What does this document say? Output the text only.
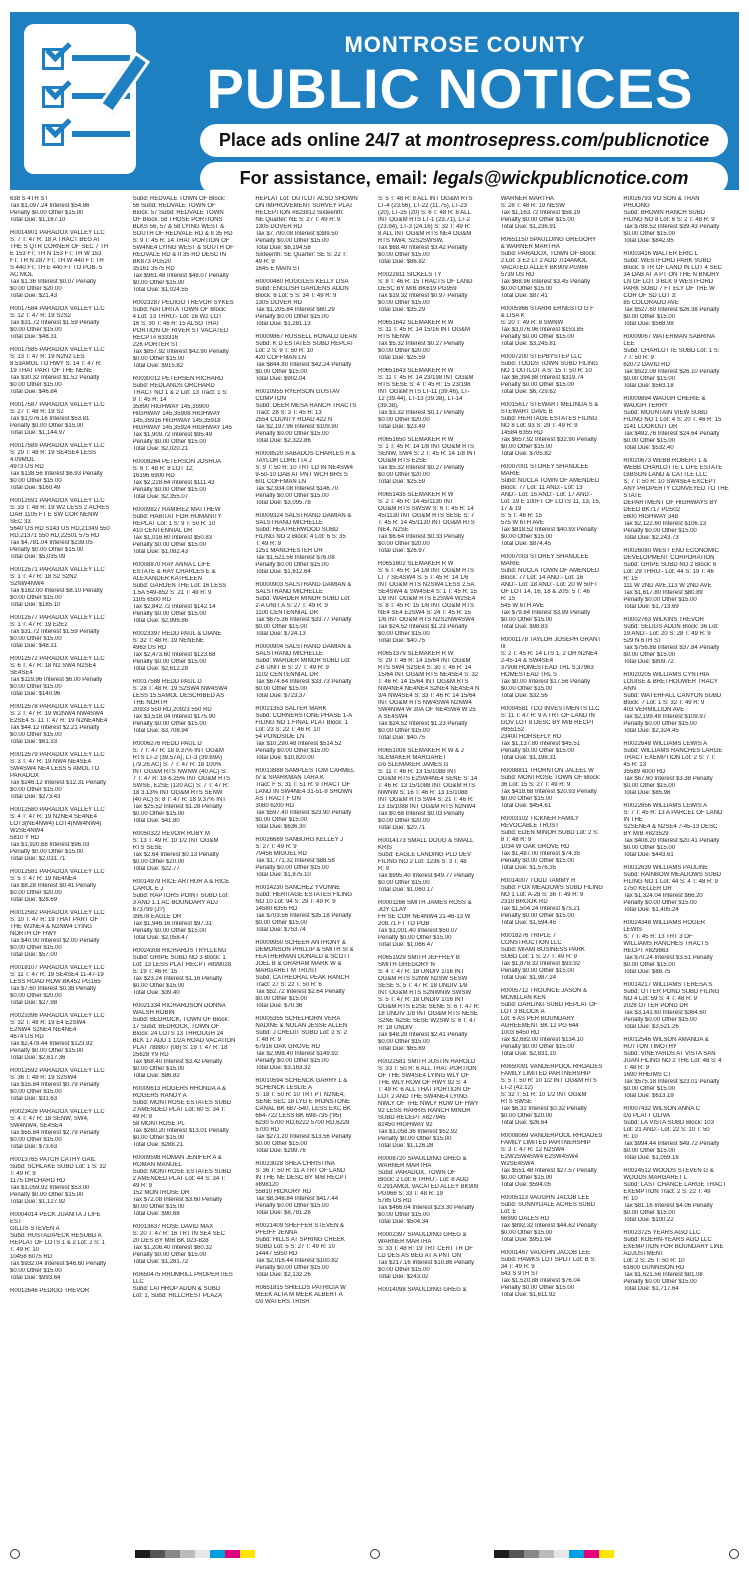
MONTROSE COUNTY
PUBLIC NOTICES
Place ads online 24/7 at montrosepress.com/publicnotice
For assistance, email: legals@wickpublicnotice.com
638 S 4TH ST
Tax $1,097.24 Interest $54.86
Penalty $0.00 Other $15.00
Total Due: $1,167.10
R0014901 PARADOX VALLEY LLC
S: 7 T: 47 R: 18 A TRACT BEG AT
THE S QTR CORNER OF SEC 7 TH
E 153 FT; TH N 153 FT; TH W 153
FT; TH N 287 FT; TH W 440 FT; TH
S 440 FT; TH E 440 FT TO POB. 5
AC MOL
Tax $1.36 Interest $0.07 Penalty
$0.00 Other $20.00
Total Due: $21.43
R0017584 PARADOX VALLEY LLC
S: 12 T: 47 R: 19 S2S2
Tax $31.72 Interest $1.59 Penalty
$0.00 Other $15.00
Total Due: $48.31
R0017585 PARADOX VALLEY LLC
S: 13 T: 47 R: 19 N2N2 LES
8.53AMOL TO HWY S: 14 T: 47 R:
19 THAT PART OF THE NENE
Tax $30.32 Interest $1.52 Penalty
$0.00 Other $15.00
Total Due: $46.84
R0017587 PARADOX VALLEY LLC
S: 27 T: 48 R: 19 S2
Tax $1,076.16 Interest $53.81
Penalty $0.00 Other $15.00
Total Due: $1,144.97
R0017589 PARADOX VALLEY LLC
S: 29 T: 48 R: 19 SE4SE4 LESS
4.09MOL
4973 US RD
Tax $138.56 Interest $6.93 Penalty
$0.00 Other $15.00
Total Due: $160.49
R0012591 PARADOX VALLEY LLC
S: 33 T: 48 R: 19 W2 LESS 2 ACRES
DAR 1105 FT E SW COR NENW
SEC 33
5640 US RD S143 US RD,21349 550
RD,21371 550 RD,22501 575 RD
Tax $4,781.04 Interest $239.05
Penalty $0.00 Other $15.00
Total Due: $5,035.09
R0012571 PARADOX VALLEY LLC
S: 1 T: 47 R: 18 S2 S2N2
S2NW4NW4
Tax $162.00 Interest $8.10 Penalty
$0.00 Other $15.00
Total Due: $185.10
R0012577 PARADOX VALLEY LLC
S: 1 T: 47 R: 19 E2E2
Tax $31.72 Interest $1.59 Penalty
$0.00 Other $15.00
Total Due: $48.31
R0012572 PARADOX VALLEY LLC
S: 6 T: 47 R: 18 N2 SW4 N2SE4
SE4SE4
Tax $119.96 Interest $6.00 Penalty
$0.00 Other $15.00
Total Due: $140.96
R0012578 PARADOX VALLEY LLC
S: 2 T: 47 R: 19 W2NW4 NW4SW4
E2SE4 S: 11 T: 47 R: 19 N2NE4NE4
Tax $44.12 Interest $2.21 Penalty
$0.00 Other $15.00
Total Due: $61.33
R0012579 PARADOX VALLEY LLC
S: 3 T: 47 R: 19 NW4 NE4SE4
SW4SW4 NE4 LESS 5 AMOL TO
PARADOX
Tax $246.12 Interest $12.31 Penalty
$0.00 Other $15.00
Total Due: $273.43
R0012580 PARADOX VALLEY LLC
S: 4 T: 47 R: 19 N2NE4 SE4NE4
LOT3(NE4NW4) LOT4(NW4NW4)
W2SE4NW4
5810 Y RD
Tax $1,920.68 Interest $96.03
Penalty $0.00 Other $15.00
Total Due: $2,031.71
R0012581 PARADOX VALLEY LLC
S: 5 T: 47 R: 19 NE4NE4
Tax $8.28 Interest $0.41 Penalty
$0.00 Other $20.00
Total Due: $28.69
R0012582 PARADOX VALLEY LLC
S: 10 T: 47 R: 19 THAT PART OF
THE W2NE4 & N2NW4 LYING
NORTH OF HWY
Tax $40.00 Interest $2.00 Penalty
$0.00 Other $15.00
Total Due: $57.00
R0018107 PARADOX VALLEY LLC
S: 11 T: 47 R: 19 SE4SE4 11-47-19
LESS ROAD ROW BK452 PG165
Tax $7.60 Interest $0.38 Penalty
$0.00 Other $20.00
Total Due: $27.98
R0023396 PARADOX VALLEY LLC
S: 32 T: 48 R: 19 E4 E2SW4
E2NW4 S2NE4 NE4NE4
4674 US RD
Tax $2,478.44 Interest $123.92
Penalty $0.00 Other $15.00
Total Due: $2,617.36
R0012592 PARADOX VALLEY LLC
S: 36 T: 48 R: 19 S2SW4
Tax $15.84 Interest $0.79 Penalty
$0.00 Other $15.00
Total Due: $31.63
R0023428 PARADOX VALLEY LLC
S: 4 T: 47 R: 18 SENW, SW4,
SW4NW4, SE4SE4
Tax $55.84 Interest $2.79 Penalty
$0.00 Other $15.00
Total Due: $73.63
R0013765 PATCH CATHY GAIL
Subd: SCHLAKE SUBD Lot: 1 S: 32
T: 49 R: 9
1175 ORCHARD RD
Tax $1,059.92 Interest $53.00
Penalty $0.00 Other $15.00
Total Due: $1,127.92
R0004014 PECK JUANITA J LIFE
EST
GILLIS STEVEN A
Subd: HUSTAD/PECK RESUBD A
REPLAT OF LOTS 1 & 2 Lot: 2 S: 1
T: 49 R: 10
10458 6075 RD
Tax $932.04 Interest $46.60 Penalty
$0.00 Other $15.00
Total Due: $993.64
R0012646 PEDIGO TREVOR
Subd: REDVALE TOWN OF Block:
56 Subd: REDVALE TOWN OF
Block: 57 Subd: REDVALE TOWN
OF Block: 58 THOSE PORTIONS
BLKS 56, 57 & 58 LYING WEST &
SOUTH OF REDVALE RD & II 35 RD
S: 9 T: 45 R: 14 THAT PORTION OF
SW4NE4 LYING WEST & SOUTH OF
REDVALE RD & II 35 RD DESC IN
BK873 PG520
35161 3575 RD
Tax $961.48 Interest $48.07 Penalty
$0.00 Other $15.00
Total Due: $1,024.55
R0023287 PEDIGO TREVOR SYKES
Subd: NATURITA TOWN OF Block:
4 Lot: 13 THRU:- Lot: 16 W2 LOT
16 S: 30 T: 46 R: 15 ALSO THAT
PORTION OF RIVER ST VACATED
RECPT# 633316
226 PORTER ST
Tax $857.92 Interest $42.90 Penalty
$0.00 Other $15.00
Total Due: $915.82
R0030012 PETERSEN RICHARD
Subd: REDLANDS ORCHARD
TRACT NO 1 & 2 Lot: 13 Tract: 1 S:
9 T: 45 R: 14
35890 HIGHWAY 145,35900
HIGHWAY 145,35908 HIGHWAY
145,35916 HIGHWAY 145,35918
HIGHWAY 145,35924 HIGHWAY 145
Tax $1,909.72 Interest $95.49
Penalty $0.00 Other $15.00
Total Due: $2,020.21
R0008264 PETERSON JOSHUA
S: 6 T: 48 R: 8 LOT 12;
16196 6900 RD
Tax $2,228.64 Interest $111.43
Penalty $0.00 Other $15.00
Total Due: $2,355.07
R0009827 RAMIREZ MATTHEW
Subd: HABITAT FOR HUMANITY
REPLAT Lot: 1 S: 9 T: 50 R: 10
410 CENTENNIAL DR
Tax $1,016.60 Interest $50.83
Penalty $0.00 Other $15.00
Total Due: $1,082.43
R0008870 RAY ANNA L LIFE
ESTATE & RAY CHARLES E &
ALEXANDER KATHLEEN
Subd: GARDEN THE Lot: 16 LESS
1.5A 549-852 S: 21 T: 49 R: 9
1105 6500 RD
Tax $2,842.72 Interest $142.14
Penalty $0.00 Other $15.00
Total Due: $2,999.86
R0023397 REDD PAUL & DIANE
S: 32 T: 48 R: 19 NENENE
4963 US RD
Tax $2,473.60 Interest $123.68
Penalty $0.00 Other $15.00
Total Due: $2,612.28
R0017588 REDD PAUL D
S: 28 T: 48 R: 19 S2SW4 NW4SW4
LESS 15.5AMOL DESCRIBED AS
THE NORTH
20933 550 RD,20923 550 RD
Tax $3,518.04 Interest $175.90
Penalty $0.00 Other $15.00
Total Due: $3,708.94
R0006276 REDD PAUL D
S: 7 T: 47 R: 18 9.37% INT OG&M
RTS LT-2 (39.57A), LT-3 (39.69A)
(79.26 AC) S: 7 T: 47 R: 18 100%
INT OG&M RTS NWNW (40 AC) S:
7 T: 47 R: 18 6.25% INT OG&M RTS
SWSE, E2SE (120 AC) S: 7 T: 47 R:
18 3.13% INT OG&M RTS SENW
(40 AC) S: 8 T: 47 R: 18 9.37% INT
Tax $25.52 Interest $1.28 Penalty
$0.00 Other $15.00
Total Due: $41.80
R0050322 REVOIR RUBY M
S: 13 T: 49 R: 10 1/2 INT OG&M
RTS SESE
Tax $2.64 Interest $0.13 Penalty
$0.00 Other $20.00
Total Due: $22.77
R0014979 RICE ARTHUR A & RICE
CAROL E J
Subd: RAPTORS POINT SUBD Lot:
3 AND 1.1 AC BOUNDARY ADJ
673799 (J?)
39678 EAGLE DR
Tax $1,946.16 Interest $97.31
Penalty $0.00 Other $15.00
Total Due: $2,058.47
R0024308 RICHARDS TRYLLENG
Subd: GRIPE SUBD NO 3 Block: 1
Lot: 13 LESS PLAT RECPT #899028
S: 19 T: 46 R: 15
Tax $23.24 Interest $1.16 Penalty
$0.00 Other $15.00
Total Due: $39.40
R0021334 RICHARDSON DONNA
WALSH ROBIN
Subd: BEDROCK, TOWN OF Block:
17 Subd: BEDROCK, TOWN OF
Block: 24 LOTS 13 THROUGH 24
BLK 17 ADD 1 1/2A ROAD VACATION
PLAT 788807 (08) S: 19 T: 47 R: 18
25628 Y9 RD
Tax $68.40 Interest $3.42 Penalty
$0.00 Other $15.00
Total Due: $86.82
R0009613 ROGERS RHONDA A &
ROGERS RANDY A
Subd: MONTROSE ESTATES SUBD
2 AMENDED PLAT Lot: 60 S: 34 T:
49 R: 9
58 MONTROSE PL
Tax $260.20 Interest $13.01 Penalty
$0.00 Other $15.00
Total Due: $288.21
R0009598 ROMAN JENIFER A &
ROMAN MANUEL
Subd: MONTROSE ESTATES SUBD
2 AMENDED PLAT Lot: 44 S: 34 T:
49 R: 9
152 MONTROSE DR
Tax $72.08 Interest $3.60 Penalty
$0.00 Other $15.00
Total Due: $90.68
R0013637 ROSE DAVID MAX
S: 20 T: 47 R: 16 TRT IN SE4 SEC
20 DES BY M/B BK 923-828
Tax $1,206.40 Interest $60.32
Penalty $0.00 Other $15.00
Total Due: $1,281.72
R0650475 RRUMRILL PROPERTIES
LLC
Subd: LATHROP ADDN & SUBD
Lot: 1, Subd: HILLCREST PLAZA
REPLAT Lot: OUTLOT ALSO SHOWN
ON IMPROVEMENT SURVEY PLAT
RECEPTION #823812 Sixteenth:
NE Quarter: NE S: 27 T: 49 R: 9
1305 DOVER RD
Tax $7,790.08 Interest $389.50
Penalty $0.00 Other $15.00
Total Due: $8,194.58
Sixteenth: SE Quarter: SE S: 22 T:
49 R: 9
1645 E MAIN ST
R0000460 RUGGLES KELLY LISA
Subd: ENGLISH GARDENS ADDN
Block: 8 Lot: 5 S: 34 T: 49 R: 9
1305 DOVER RD
Tax $1,205.84 Interest $60.29
Penalty $0.00 Other $15.00
Total Due: $1,281.13
R0009867 RUSSELL RONALD DEAN
Subd: K D ESTATES SUBD REPLAT
Lot: 2 S: 9 T: 50 R: 10
420 COFFMAN LN
Tax $844.80 Interest $42.24 Penalty
$0.00 Other $15.00
Total Due: $902.04
R0010955 RYERSON GUSTAV
COMPTON
Subd: DEER MESA RANCH TRACTS
Tract: 28 S: 3 T: 45 R: 13
2554 COUNTY ROAD 422 N
Tax $2,197.96 Interest $109.90
Penalty $0.00 Other $15.00
Total Due: $2,322.86
R0008520 SABADOS CHARLES R &
TAYLOR LORETTA J
S: 9 T: 50 R: 10 TRT LD IN NE4SW4
9-50-10 DAB AT PNT WCH BRS S
601 COFFMAN LN
Tax $2,934.08 Interest $146.70
Penalty $0.00 Other $15.00
Total Due: $3,095.78
R0009324 SALSTRAND DAMIAN &
SALSTRAND MICHELLE
Subd: HEATHERWOOD SUBD
FILING NO 2 Block: 4 Lot: 6 S: 35
T: 49 R: 9
1251 MANCHESTER DR
Tax $1,521.56 Interest $76.08
Penalty $0.00 Other $15.00
Total Due: $1,612.64
R0000903 SALSTRAND DAMIAN &
SALSTRAND MICHELLE
Subd: WARDER MINOR SUBD Lot:
2-A UNIT A S: 27 T: 49 R: 9
1100 CENTENNIAL DR
Tax $675.36 Interest $33.77 Penalty
$0.00 Other $15.00
Total Due: $724.13
R0000904 SALSTRAND DAMIAN &
SALSTRAND MICHELLE
Subd: WARDER MINOR SUBD Lot:
2-B UNIT B S: 27 T: 49 R: 9
1102 CENTENNIAL DR
Tax $674.64 Interest $33.73 Penalty
$0.00 Other $15.00
Total Due: $723.37
R0021353 SALTER MARK
Subd: CORNERSTONE PHASE 1-A
FILING NO 1 FINAL PLAT Block: 1
Lot: 23 S: 22 T: 46 R: 10
54 PONDSIDE LN
Tax $10,290.48 Interest $514.52
Penalty $0.00 Other $15.00
Total Due: $10,820.00
R0013888 SAMPLES TOM CARMEL
IV & SPARKMAN TARA K
Tract: F S: 31 T: 51 R: 9 TRACT OF
LAND IN SW4NE4 31-51-9 SHOWN
AS TRACT F ON
3080 6200 RD
Tax $597.40 Interest $23.90 Penalty
$0.00 Other $15.00
Total Due: $636.30
R0026689 SANBURG KELLEY J
S: 27 T: 49 R: 9
70456 MIGUEL RD
Tax $1,771.32 Interest $88.58
Penalty $0.00 Other $15.00
Total Due: $1,875.10
R0014230 SANCHEZ YVONNE
Subd: HERITAGE ESTATES FILING
NO 10 Lot: 94 S: 29 T: 49 R: 9
14580 6355 RD
Tax $703.56 Interest $35.18 Penalty
$0.00 Other $15.00
Total Due: $753.74
R0009950 SCHEER ANTHONY &
DEMONSON PHILLIP & SMITH SI &
FEATHERMAN DONALD & SCOTT
JOEL B & GRAHAM MARK W &
MARGARET M TRUST
Subd: CATHEDRAL PEAK RANCH
Tract: 27 S: 22 T: 50 R: 6
Tax $52.72 Interest $2.64 Penalty
$0.00 Other $15.00
Total Due: $70.36
R0005355 SCHELHORN VERA
NADINE & NOLAN JESSE ALLEN
Subd: J CREDIT SUBD Lot: 2 S: 2
T: 48 R: 9
67916 OAK GROVE RD
Tax $2,998.40 Interest $149.92
Penalty $0.00 Other $15.00
Total Due: $3,163.32
R0010594 SCHENCK GARRY L &
SCHENCK LESLIE A
S: 18 T: 50 R: 10 TRT PT N2NE4,
SENE SEC 18 LYG E IRONSTONE
CANAL BK 687-540, LESS EXC BK
664-722 LESS BK 698-735 ('95)
6230 5700 RD,6222 5700 RD,6228
5700 RD
Tax $271.20 Interest $13.56 Penalty
$0.00 Other $15.00
Total Due: $299.76
R0023028 SHEA CHRISTINA
S: 36 T: 50 R: 11 A TRT OF LAND
IN THE NE DESC BY M/B RECPT
#898120
55810 HICKORY RD
Tax $8,348.84 Interest $417.44
Penalty $0.00 Other $15.00
Total Due: $8,781.28
R0021409 SHEFFER STEVEN &
PFEIFF JENNA
Subd: HILLS AT SPRING CREEK
SUBD Lot: 5 S: 27 T: 49 R: 10
14447 5950 RD
Tax $2,016.44 Interest $100.82
Penalty $0.00 Other $15.00
Total Due: $2,132.26
R0651815 SHIELDS PATRICIA W
MEEK ALTA M MEEK ALBERT A
c/o WATERS TRISH
S: 5 T: 48 R: 8 ALL INT OG&M RTS
LT-4 (23.56), LT-22 (11.75), LT-23
(20), LT-25 (20) S: 6 T: 48 R: 8 ALL
INT OG&M RTS LT-1 (23.71), LT-2
(23.94), LT-3 (24.16) S: 32 T: 49 R:
8 ALL INT OG&M RTS NE4 OG&M
RTS NW4, S2S2SWSW,
Tax $68.40 Interest $3.42 Penalty
$0.00 Other $15.00
Total Due: $86.82
R0022811 SICKELS TY
S: 8 T: 46 R: 15 TRACTS OF LAND
DESC BY M/B BK619 PG959
Tax $19.32 Interest $0.97 Penalty
$0.00 Other $15.00
Total Due: $35.29
R0651642 SLEMAKER R W
S: 11 T: 45 R: 14 15/16 INT OG&M
RTS NENW
Tax $5.32 Interest $0.27 Penalty
$0.00 Other $20.00
Total Due: $25.59
R0651643 SLEMAKER R W
S: 11 T: 45 R: 14 23/198 INT OG&M
RTS SESE S: 4 T: 45 R: 15 23/198
INT OG&M RTS LT-11 (39.46), LT-
12 (39.44), LT-13 (39.38), LT-14
(39.38),
Tax $3.32 Interest $0.17 Penalty
$0.00 Other $20.00
Total Due: $23.49
R0651650 SLEMAKER R W
S: 1 T: 45 R: 14 1/8 INT OG&M RTS
SENW, SW4 S: 2 T: 45 R: 14 1/8 INT
OG&M RTS E2SE
Tax $5.32 Interest $0.27 Penalty
$0.00 Other $20.00
Total Due: $25.59
R0651435 SLEMAKER R W
S: 2 T: 45 R: 14 45/1130 INT
OG&M RTS SWSW S: 6 T: 45 R: 14
45/1130 INT OG&M RTS SESE S: 7
T: 45 R: 14 45/1130 INT OG&M RTS
NE4, N2SE
Tax $6.64 Interest $0.33 Penalty
$0.00 Other $20.00
Total Due: $26.97
R0651602 SLEMAKER R W
S: 6 T: 45 R: 14 1/8 INT OG&M RTS
LT 7 SE4SW4 S: 5 T: 45 R: 14 1/6
INT OG&M RTS N2SW4 LESS 2.5A
SE4SW4 & SW4SE4 S: 1 T: 45 R: 15
1/8 INT OG&M RTS E2SW4 W2SE4
S: 8 T: 45 R: 15 1/8 INT OG&M RTS
NE4 SE4 E2SW4 S: 24 T: 45 R: 15
1/6 INT OG&M RTS N2S2NW4SW4
Tax $24.52 Interest $1.23 Penalty
$0.00 Other $15.00
Total Due: $40.75
R0651379 SLEMAKER R W
S: 29 T: 46 R: 14 15/64 INT OG&M
RTS SW4 S2SE4 S: 30 T: 46 R: 14
15/64 INT OG&M RTS NE4SE4 S: 32
T: 46 R: 14 15/64 INT OG&M RTS
NW4NE4 NE4NE4 S2NE4 NE4SE4 N
3/4 NW4SE4 S: 33 T: 46 R: 14 15/64
INT OG&M RTS NW4SW4 N2NW4
SW4NW4 W 30A OF NE4SW4 W 25
A SE4SW4
Tax $24.52 Interest $1.23 Penalty
$0.00 Other $15.00
Total Due: $40.75
R0651008 SLEMAKER R W & J
SLEMAKER MARGARET
c/o SLEMAKER JAMES G
S: 11 T: 46 R: 13 15/1088 INT
OG&M RTS E2SW4NE4 SENE S: 14
T: 46 R: 13 15/1088 INT OG&M RTS
NWNW S: 16 T: 46 R: 13 15/1088
INT OG&M RTS SW4 S: 21 T: 46 R:
13 15/1088 INT OG&M RTS N2NW4
Tax $0.68 Interest $0.03 Penalty
$0.00 Other $20.00
Total Due: $20.71
R0014173 SMALL DOUG & SMALL
KRIS
Subd: EAGLE LANDING PLD DEV
FILING NO 2 Lot: 1236 S: 3 T: 48
R: 9
Tax $995.40 Interest $49.77 Penalty
$0.00 Other $15.00
Total Due: $1,060.17
R0001166 SMITH JAMES ROSS &
JOY CLAY
FR SE COR NE4NW4 21-46-13 W
208.71 FT TO POB
Tax $1,001.40 Interest $50.07
Penalty $0.00 Other $15.00
Total Due: $1,066.47
R0651929 SMITH JEFFREY B
SMITH GREGORY N
S: 4 T: 47 R: 18 UNDIV 1/16 INT
OG&M RTS S2NW N2SW SESW
SESE S: 5 T: 47 R: 18 UNDIV 1/8
INT OG&M RTS S2NWNW SWSW
S: 5 T: 47 R: 18 UNDIV 1/16 INT
OG&M RTS E2SE SENE S: 6 T: 47 R:
18 UNDIV 1/8 INT OG&M RTS NESE
S2NE N2SE SESE W2SW S: 6 T: 47
R: 18 UNDIV
Tax $48.28 Interest $2.41 Penalty
$0.00 Other $15.00
Total Due: $65.69
R0022581 SMITH JUSTIN HAROLD
S: 33 T: 50 R: 6 ALL THAT PORTION
OF THE SW4SE4 LYING WLY OF
THE WLY ROW OF HWY 92 S: 4
T: 49 R: 6 ALL THAT PORTION OF
LOT 2 AND THE SW4NE4 LYING
NWLY OF THE NWLY ROW OF HWY
92 LESS HARRIS RANCH MINOR
SUBD RECEPT #827945
82450 HIGHWAY 92
Tax $1,058.36 Interest $52.92
Penalty $0.00 Other $15.00
Total Due: $1,126.28
R0008720 SPAULDING GREG &
WARNER MARTHA
Subd: PARADOX, TOWN OF
Block: 2 Lot: 6 THRU:- Lot: 8 ADD
0.291AMOL VACATED ALLEY BK909
PG966 S: 33 T: 48 R: 19
5785 US RD
Tax $466.04 Interest $23.30 Penalty
$0.00 Other $15.00
Total Due: $504.34
R0002397 SPAULDING GREG &
WARNER MARTHA
S: 33 T: 48 R: 19 TRT CERT TR OF
LD DES AS BEG AT A PNT ON
Tax $217.16 Interest $10.86 Penalty
$0.00 Other $15.00
Total Due: $243.02
R0014098 SPAULDING GREG &
WARNER MARTHA
S: 28 T: 48 R: 19 NESW
Tax $1,163.72 Interest $58.19
Penalty $0.00 Other $15.00
Total Due: $1,236.91
R0651150 SPAULDING GREGORY
& WARNER MARTHA
Subd: PARADOX, TOWN OF Block:
2 Lot: 3 E2 LT 2 ADD .014AMOL
VACATED ALLEY BK909 PG966
5739 US RD
Tax $68.96 Interest $3.45 Penalty
$0.00 Other $15.00
Total Due: $87.41
R0005966 STARRI ERNESTO G F
& LISA K
S: 20 T: 49 R: 8 SWNW
Tax $3,076.96 Interest $153.85
Penalty $0.00 Other $15.00
Total Due: $3,245.81
R0007200 STEPBYSTEP LLC
Subd: TODDS TOWN SUBD FILING
NO 1 OUTLOT A S: 15 T: 50 R: 10
Tax $6,394.88 Interest $319.74
Penalty $0.00 Other $15.00
Total Due: $6,729.62
R0015617 STEWART MELINDA S &
STEWART DAVE B
Subd: HERITAGE ESTATES FILING
NO 8 Lot: 93 S: 29 T: 49 R: 9
14584 6355 RD
Tax $657.92 Interest $32.90 Penalty
$0.00 Other $15.00
Total Due: $705.82
R0007001 STOREY SHANDLEE
MARIE
Subd: NUCLA TOWN OF AMENDED
Block: 77 Lot: 11 AND:- Lot: 13
AND:- Lot: 15 AND:- Lot: 17 AND:-
Lot: 19 E 100FT OF LOTS 11, 13, 15,
17 & 19
S: 5 T: 46 R: 15
575 W 6TH AVE
Tax $818.52 Interest $40.93 Penalty
$0.00 Other $15.00
Total Due: $874.45
R0007003 STOREY SHANDLEE
MARIE
Subd: NUCLA TOWN OF AMENDED
Block: 77 Lot: 14 AND:- Lot: 16
AND:- Lot: 18 AND:- Lot: 20 W 50FT
OF LOT 14, 16, 18 & 20S: 5 T: 46
R: 15
545 W 6TH AVE
Tax $79.84 Interest $3.99 Penalty
$0.00 Other $15.00
Total Due: $98.83
R0001178 TAYLOR JOSEPH GRANT
III
S: 2 T: 45 R: 14 LTS 1, 2 OR N2NE4
2-45-14 & SW4SE4
37908 HOMESTEAD TRL S,37963
HOMESTEAD TRL S
Tax $0.00 Interest $17.56 Penalty
$0.00 Other $15.00
Total Due: $32.56
R0004581 TCO INVESTMENTS LLC
S: 11 T: 47 R: 9 A TRT OF LAND IN
GOV LOT 8 DESC BY M/B RECPT
#855152
23400 HORSEFLY RD
Tax $1,137.80 Interest $45.51
Penalty $0.00 Other $15.00
Total Due: $1,198.31
R0008811 THORNTON JALEEL W
Subd: MONTROSE TOWN OF Block:
36 Lot: 15 S: 27 T: 49 R: 9
Tax $418.68 Interest $20.93 Penalty
$0.00 Other $15.00
Total Due: $454.61
R0003102 TICKNER FAMILY
REVOCABLE TRUST
Subd: EDEN MINOR SUBD Lot: 2 S:
8 T: 48 R: 9
1034 W OAK GROVE RD
Tax $1,487.00 Interest $74.35
Penalty $0.00 Other $15.00
Total Due: $1,576.35
R0014007 TODD TAMMY R
Subd: FOX MEADOWS SUBD FILING
NO 1 Lot: A-28 S: 36 T: 49 R: 9
2310 BROOK RD
Tax $1,504.24 Interest $75.21
Penalty $0.00 Other $15.00
Total Due: $1,594.45
R0018276 TRIPLE 7
CONSTRUCTION LLC
Subd: MIAMI BUSINESS PARK
SUBD Lot: 1 S: 27 T: 49 R: 9
Tax $1,878.32 Interest $93.92
Penalty $0.00 Other $15.00
Total Due: $1,987.24
R0005712 TROUNCE JASON &
MCMILLAN KEN
Subd: DARLING SUBD REPLAT OF
LOT 3 BLOCK A
Lot: 6 AS PER BOUNDARY
AGREEMENT BK 12 PG 644
1003 6450 RD
Tax $2,682.00 Interest $134.10
Penalty $0.00 Other $15.00
Total Due: $2,831.10
R0650091 VANDERPOOL RHOADES
FAMILY LIMITED PARTNERSHIP
S: 5 T: 50 R: 10 1/2 INT OG&M RTS
LT-2 (42.12)
S: 32 T: 51 R: 10 1/2 INT OG&M
RTS SWSE
Tax $6.32 Interest $0.32 Penalty
$0.00 Other $20.00
Total Due: $26.64
R0008069 VANDERPOOL RHOADES
FAMILY LIMITED PARTNERSHIP
S: 3 T: 47 R: 12 N2SW4
E2W2SW4SW4 E2SW4SW4
W2SE4SW4
Tax $551.48 Interest $27.57 Penalty
$0.00 Other $15.00
Total Due: $594.05
R0005113 VAUGHN JACOB LEE
Subd: SUNNYDALE ACRES SUBD
Lot: E
66990 DALES RD
Tax $892.32 Interest $44.62 Penalty
$0.00 Other $15.00
Total Due: $951.94
R0001467 VAUGHN JACOB LEE
Subd: HAWKS LOT SPLIT Lot: B S:
34 T: 49 R: 9
543 S 9TH ST
Tax $1,520.88 Interest $76.04
Penalty $0.00 Other $15.00
Total Due: $1,611.92
R0026793 VO SON & TRAN
PHUONG
Subd: BROWN RANCH SUBD
FILING NO 8 Lot: 6 S: 2 T: 48 R: 9
Tax $788.52 Interest $39.43 Penalty
$0.00 Other $15.00
Total Due: $842.95
R0003416 WALTER ERIC L
Subd: WESTFORD PARK SUBD
Block: 9 TR OF LAND IN LOT 4 SEC
34 DAB AT A PT ON THE N BNDRY
LN OF LOT 3 BLK 9 WESTFORD
PARK SUBD 7 FT ELY OF THE W
COR OF SD LOT 3:
85 COLORADO AVE
Tax $527.60 Interest $26.38 Penalty
$0.00 Other $15.00
Total Due: $568.98
R0009067 WATERMAN SABRINA
LEE
Subd: CHARLOTTE SUBD Lot: 1 S:
7 T: 50 R: 9
62072 DAVID RD
Tax $522.08 Interest $26.10 Penalty
$0.00 Other $15.00
Total Due: $563.18
R0009894 WAUGH CHERIE &
WAUGH TERRY
Subd: MOUNTAIN VIEW SUBD
FILING NO 1 Lot: 4 S: 20 T: 46 R: 15
1141 LOOKOUT DR
Tax $492.76 Interest $24.64 Penalty
$0.00 Other $15.00
Total Due: $532.40
R0020673 WEBB ROBERT L &
WEBB CHARLOTTE L LIFE ESTATE
GIBSON LAND & CATTLE LLC
S: 7 T: 50 R: 10 SW4SE4 EXCEPT
ANY PROPERTY CONVEYED TO THE
STATE
DEPARTMENT OF HIGHWAYS BY
DEED BK717 PG502
5600 HIGHWAY 348
Tax $2,122.60 Interest $106.13
Penalty $0.00 Other $15.00
Total Due: $2,243.73
R0026080 WEST END ECONOMIC
DEVELOPMENT CORPORATION
Subd: GRIPE SUBD NO 2 Block: 6
Lot: 29 THRU:- Lot: 44 S: 19 T: 46
R: 15
111 W 2ND AVE,113 W 2ND AVE
Tax $1,617.80 Interest $80.89
Penalty $0.00 Other $15.00
Total Due: $1,713.69
R0002763 WILKINS TREVOR
Subd: SELIGS ADDN Block: 36 Lot:
19 AND:- Lot: 20 S: 28 T: 49 R: 9
529 N 6TH ST
Tax $756.88 Interest $37.84 Penalty
$0.00 Other $15.00
Total Due: $809.72
R0020205 WILLIAMS CYNTHIA
LOUISE & BRETHOUWER TRACY
ANN
Subd: WATERFALL CANYON SUBD
Block: 7 Lot: 1 S: 32 T: 49 R: 9
403 VERMILLION AVE
Tax $2,199.48 Interest $109.97
Penalty $0.00 Other $15.00
Total Due: $2,324.45
R0022648 WILLIAMS LEWIS A
Subd: WILLIAMS RANCHES LARGE
TRACT EXEMPTION Lot: 2 S: 7 T:
45 R: 13
35589 4000 RD
Tax $67.60 Interest $3.38 Penalty
$0.00 Other $15.00
Total Due: $85.98
R0022656 WILLIAMS LEWIS A
S: 7 T: 45 R: 13 A PARCEL OF LAND
IN THE
S2SENE4 & N2SE4 7-45-13 DESC
BY M/B #823529
Tax $408.20 Interest $20.41 Penalty
$0.00 Other $15.00
Total Due: $443.61
R0012639 WILLIAMS PAULINE
Subd: RAINBOW MEADOWS SUBD
FILING NO 1 Lot: 44 S: 4 T: 48 R: 9
1750 KELLER DR
Tax $1,324.04 Interest $66.20
Penalty $0.00 Other $15.00
Total Due: $1,405.24
R0024348 WILLIAMS ROGER
LEWIS
S: 7 T: 45 R: 13 TRT 3 OF
WILLIAMS RANCHES TRACTS
RECPT #829863
Tax $70.24 Interest $3.51 Penalty
$0.00 Other $15.00
Total Due: $88.75
R0014217 WILLIAMS TERESA S
Subd: OTTER POND SUBD FILING
NO 4 Lot: 59 S: 4 T: 48 R: 9
2028 OTTER POND DR
Tax $3,141.60 Interest $364.60
Penalty $0.00 Other $15.00
Total Due: $3,521.26
R0012546 WILSON AMANDA &
HUTTON TIMOTHY
Subd: VINEYARDS AT VISTA SAN
JUAN FILING NO 2 THE Lot: 48 S: 4
T: 48 R: 9
1690 RHEIMS CT
Tax $575.18 Interest $23.01 Penalty
$0.00 Other $15.00
Total Due: $613.19
R0007432 WILSON ANNA C
c/o PLATT OLIVA
Subd: LA VISTA SUBD Block: 103
Lot: 21 AND:- Lot: 22 S: 10 T: 50
R: 10
Tax $994.44 Interest $49.72 Penalty
$0.00 Other $15.00
Total Due: $1,059.16
R0024512 WOODS STEVEN G &
WOODS MARGARET L
Subd: LAST CHANCE LARGE TRACT
EXEMPTION Tract: 2 S: 22 T: 49
R: 10
Tax $81.16 Interest $4.06 Penalty
$0.00 Other $15.00
Total Due: $100.22
R0023725 YEARS AGO LLC
Subd: KOEHN-YEARS AGO LLC
EXEMPTION FOR BOUNDARY LINE
ADJUSTMENT
Lot: 2 S: 25 T: 50 R: 10
61600 GUNNISON RD
Tax $1,621.56 Interest $81.08
Penalty $0.00 Other $15.00
Total Due: $1,717.64
